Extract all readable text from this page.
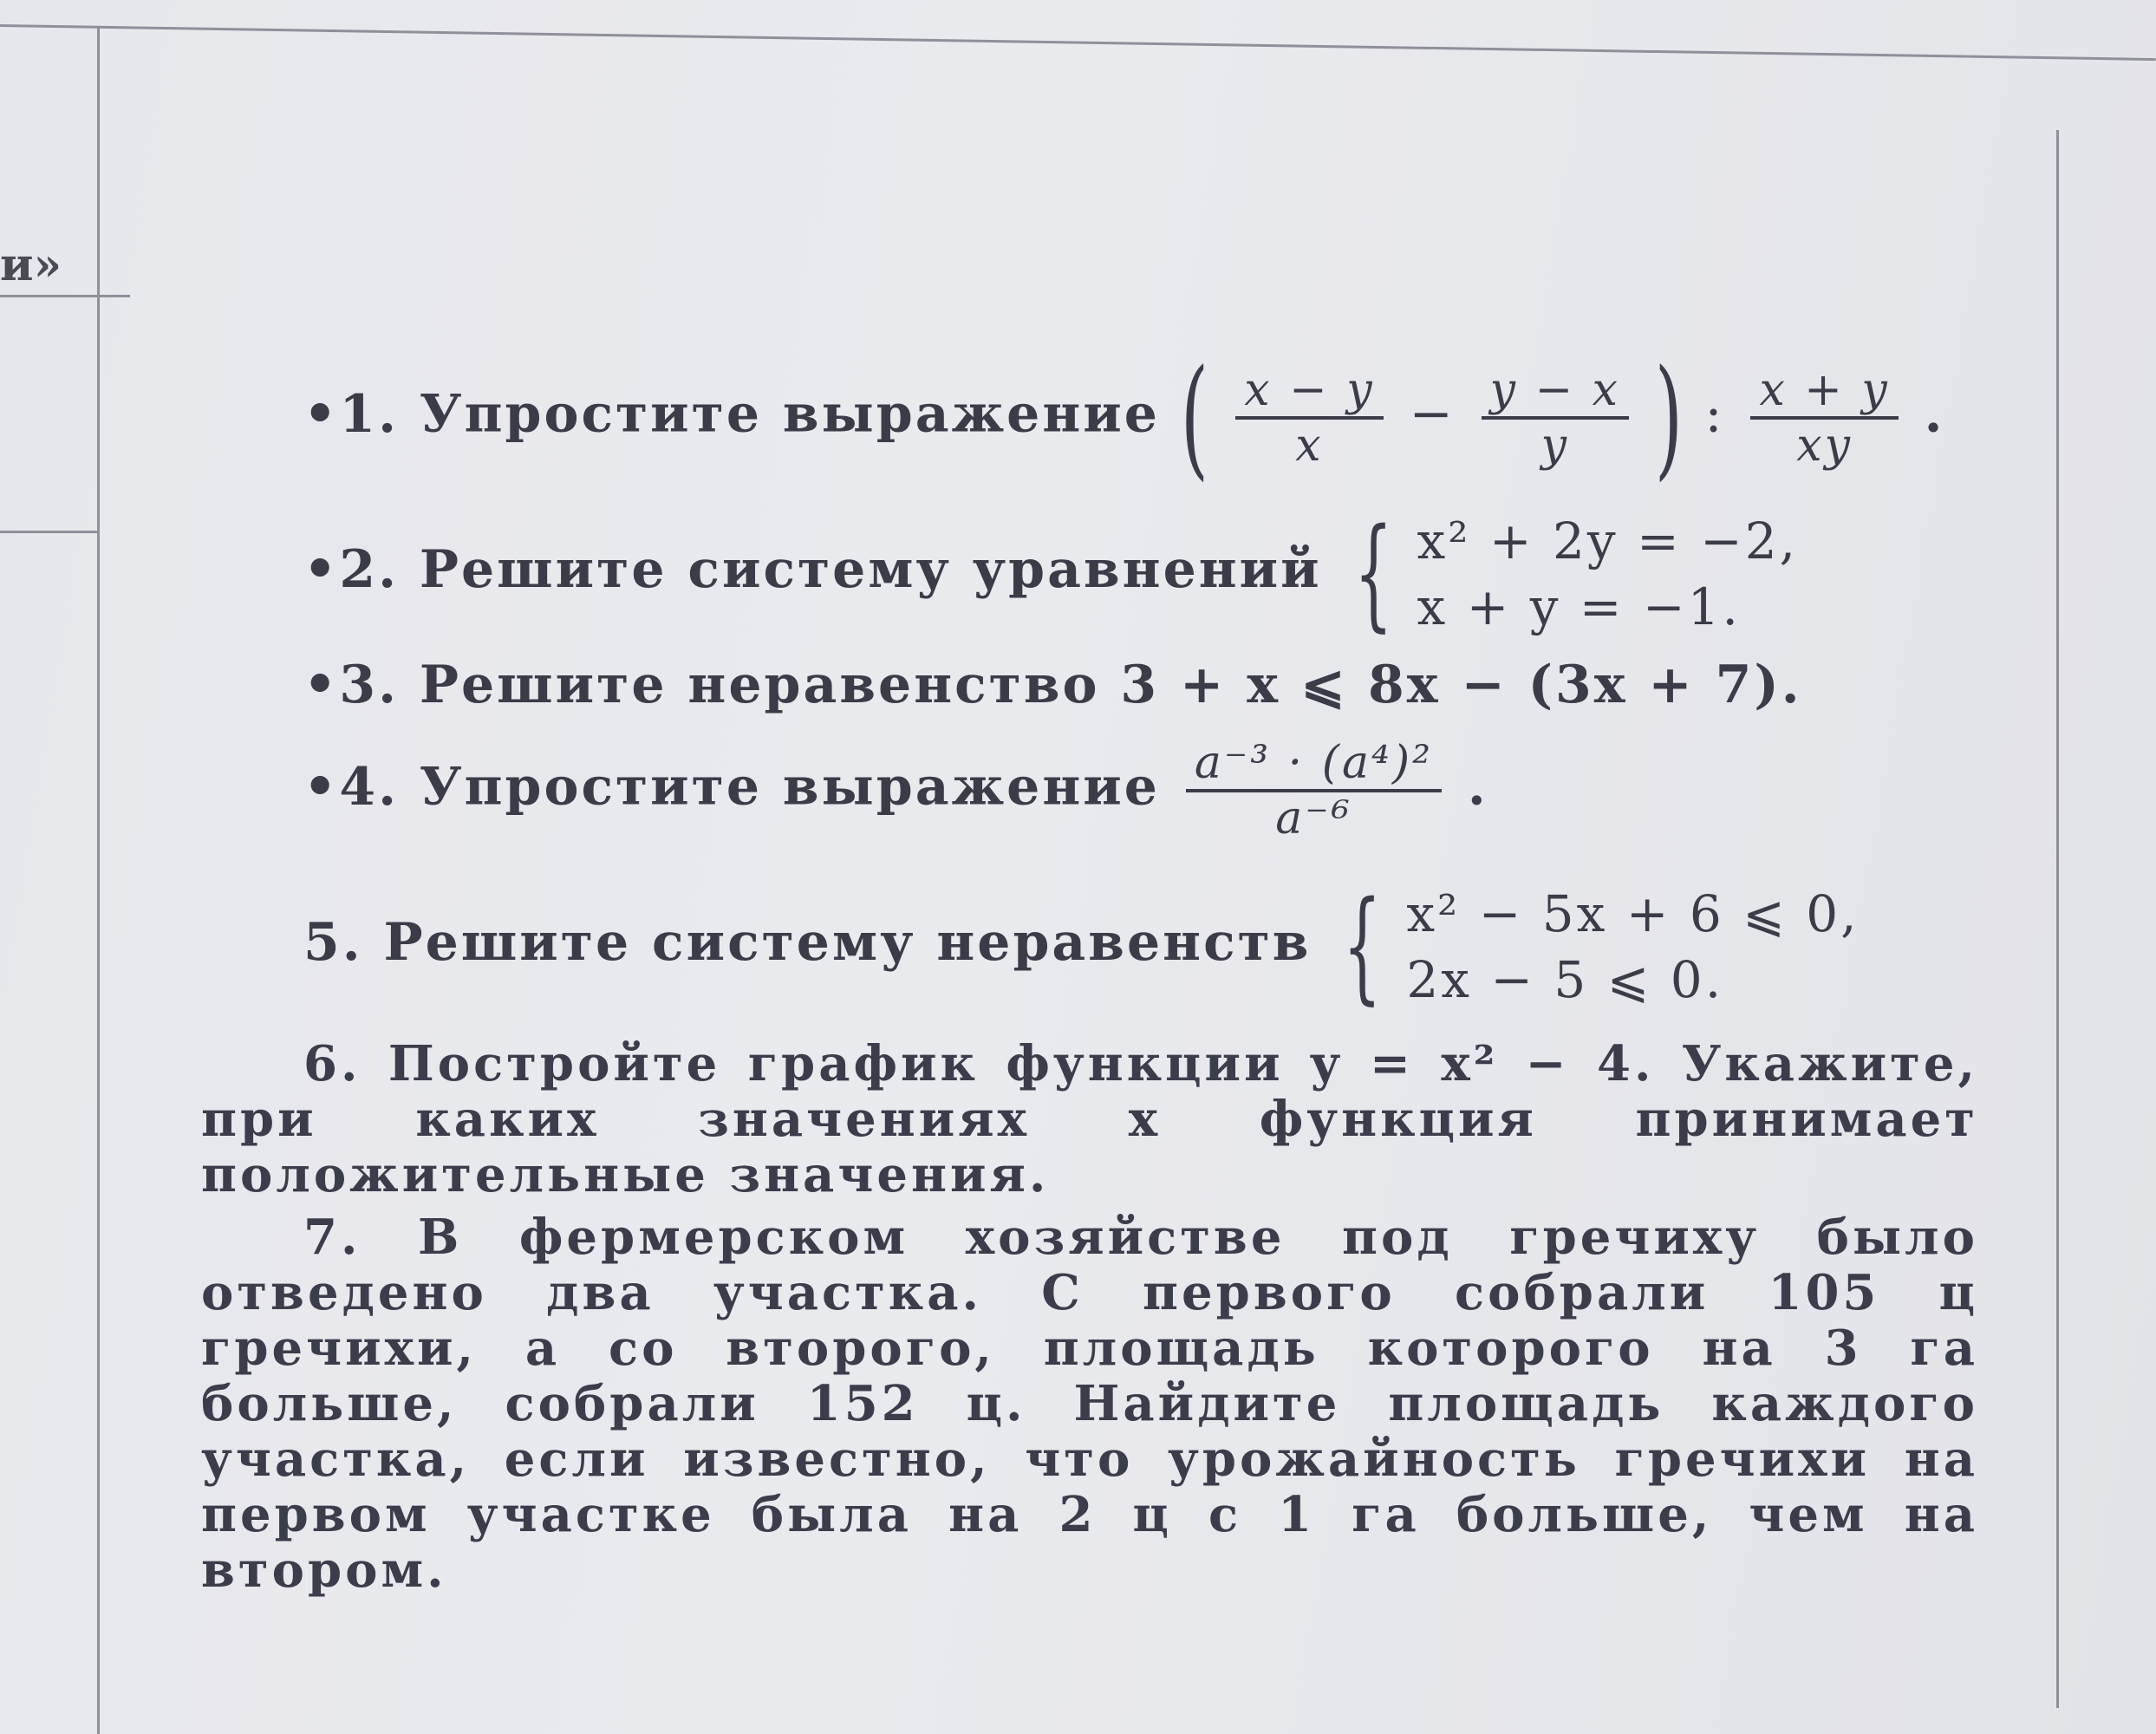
и»
•1. Упростите выражение ( $\frac{x - y}{x} - \frac{y - x}{y}$ ) : $\frac{x + y}{xy}$ .
•2. Решите систему уравнений { x² + 2y = −2,
x + y = −1.
•3. Решите неравенство 3 + x ⩽ 8x − (3x + 7).
•4. Упростите выражение $\frac{\text{a⁻³ · (a⁴)²}}{\text{a⁻⁶}}$ .
5. Решите систему неравенств { x² − 5x + 6 ⩽ 0,
2x − 5 ⩽ 0.
6. Постройте график функции y = x² − 4. Укажите, при каких значениях x функция принимает положительные значения.
7. В фермерском хозяйстве под гречиху было отведено два участка. С первого собрали 105 ц гречихи, а со второго, площадь которого на 3 га больше, собрали 152 ц. Найдите площадь каждого участка, если известно, что урожайность гречихи на первом участке была на 2 ц с 1 га больше, чем на втором.
